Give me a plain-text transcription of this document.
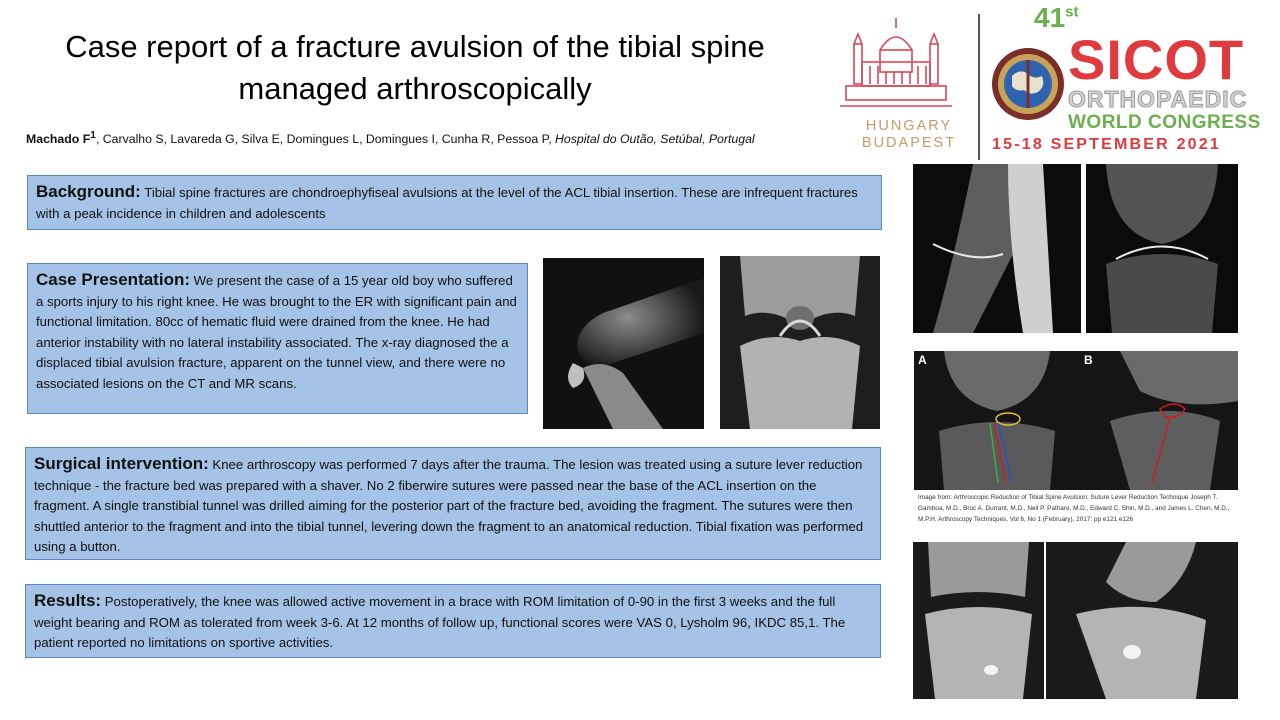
Case report of a fracture avulsion of the tibial spine managed arthroscopically
Machado $F^1$, Carvalho S, Lavareda G, Silva E, Domingues L, Domingues I, Cunha R, Pessoa P, Hospital do Outão, Setúbal, Portugal
HUNGARY
BUDAPEST
41st
SICOT
ORTHOPAEDIC
WORLD CONGRESS
15-18 SEPTEMBER 2021
Background: Tibial spine fractures are chondroephyfiseal avulsions at the level of the ACL tibial insertion. These are infrequent fractures with a peak incidence in children and adolescents
Case Presentation: We present the case of a 15 year old boy who suffered a sports injury to his right knee. He was brought to the ER with significant pain and functional limitation. 80cc of hematic fluid were drained from the knee. He had anterior instability with no lateral instability associated. The x-ray diagnosed the a displaced tibial avulsion fracture, apparent on the tunnel view, and there were no associated lesions on the CT and MR scans.
Surgical intervention: Knee arthroscopy was performed 7 days after the trauma. The lesion was treated using a suture lever reduction technique - the fracture bed was prepared with a shaver. No 2 fiberwire sutures were passed near the base of the ACL insertion on the fragment. A single transtibial tunnel was drilled aiming for the posterior part of the fracture bed, avoiding the fragment. The sutures were then shuttled anterior to the fragment and into the tibial tunnel, levering down the fragment to an anatomical reduction. Tibial fixation was performed using a button.
Results: Postoperatively, the knee was allowed active movement in a brace with ROM limitation of 0-90 in the first 3 weeks and the full weight bearing and ROM as tolerated from week 3-6. At 12 months of follow up, functional scores were VAS 0, Lysholm 96, IKDC 85,1. The patient reported no limitations on sportive activities.
A	B
Image from: Arthroscopic Reduction of Tibial Spine Avulsion: Suture Lever Reduction Technique Joseph T. Gamboa, M.D., Broc A. Durrant, M.D., Neil P. Pathare, M.D., Edward C. Shin, M.D., and James L. Chen, M.D., M.P.H. Arthroscopy Techniques, Vol 6, No 1 (February), 2017: pp e121 e126
